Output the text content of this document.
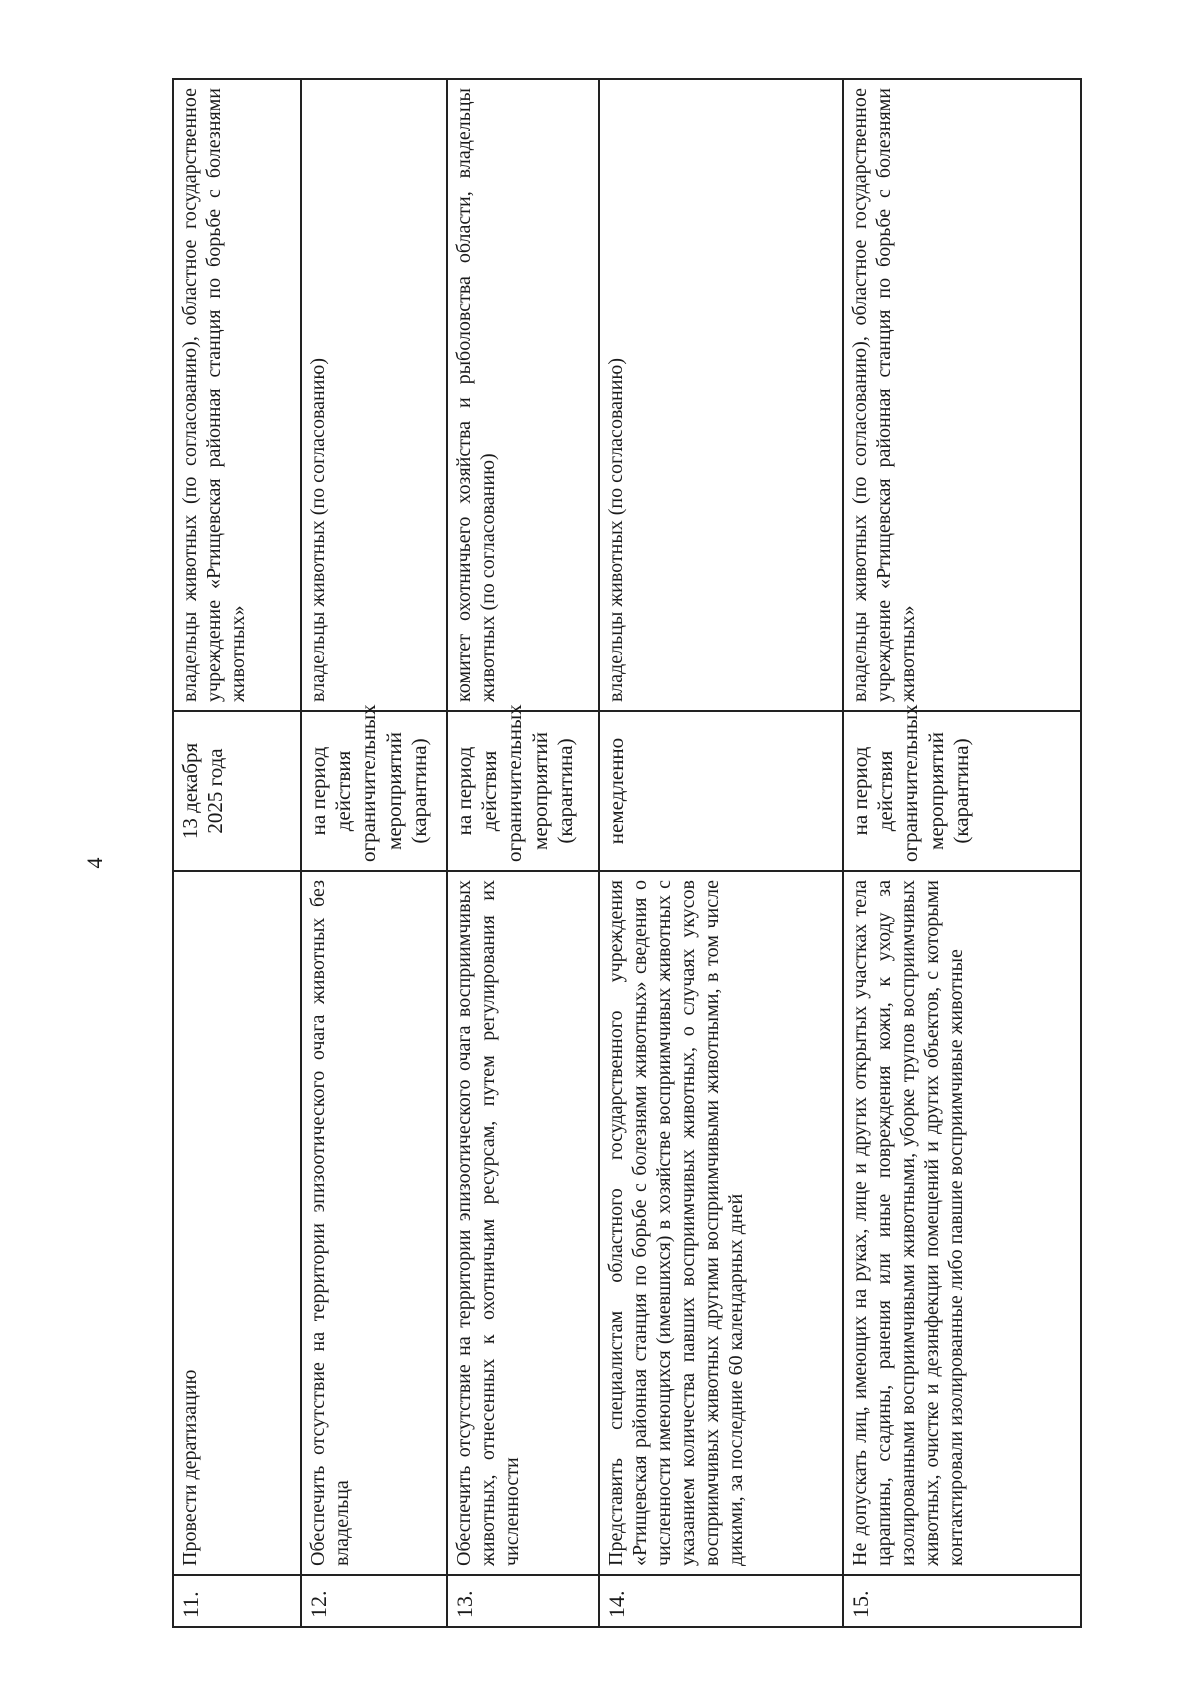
4
11.	Провести дератизацию	13 декабря 2025 года	владельцы животных (по согласованию), областное государственное учреждение «Ртищевская районная станция по борьбе с болезнями животных»
12.	Обеспечить отсутствие на территории эпизоотического очага животных без владельца	на период действия ограничительных мероприятий (карантина)	владельцы животных (по согласованию)
13.	Обеспечить отсутствие на территории эпизоотического очага восприимчивых животных, отнесенных к охотничьим ресурсам, путем регулирования их численности	на период действия ограничительных мероприятий (карантина)	комитет охотничьего хозяйства и рыболовства области, владельцы животных (по согласованию)
14.	Представить специалистам областного государственного учреждения «Ртищевская районная станция по борьбе с болезнями животных» сведения о численности имеющихся (имевшихся) в хозяйстве восприимчивых животных с указанием количества павших восприимчивых животных, о случаях укусов восприимчивых животных другими восприимчивыми животными, в том числе дикими, за последние 60 календарных дней	немедленно	владельцы животных (по согласованию)
15.	Не допускать лиц, имеющих на руках, лице и других открытых участках тела царапины, ссадины, ранения или иные повреждения кожи, к уходу за изолированными восприимчивыми животными, уборке трупов восприимчивых животных, очистке и дезинфекции помещений и других объектов, с которыми контактировали изолированные либо павшие восприимчивые животные	на период действия ограничительных мероприятий (карантина)	владельцы животных (по согласованию), областное государственное учреждение «Ртищевская районная станция по борьбе с болезнями животных»
